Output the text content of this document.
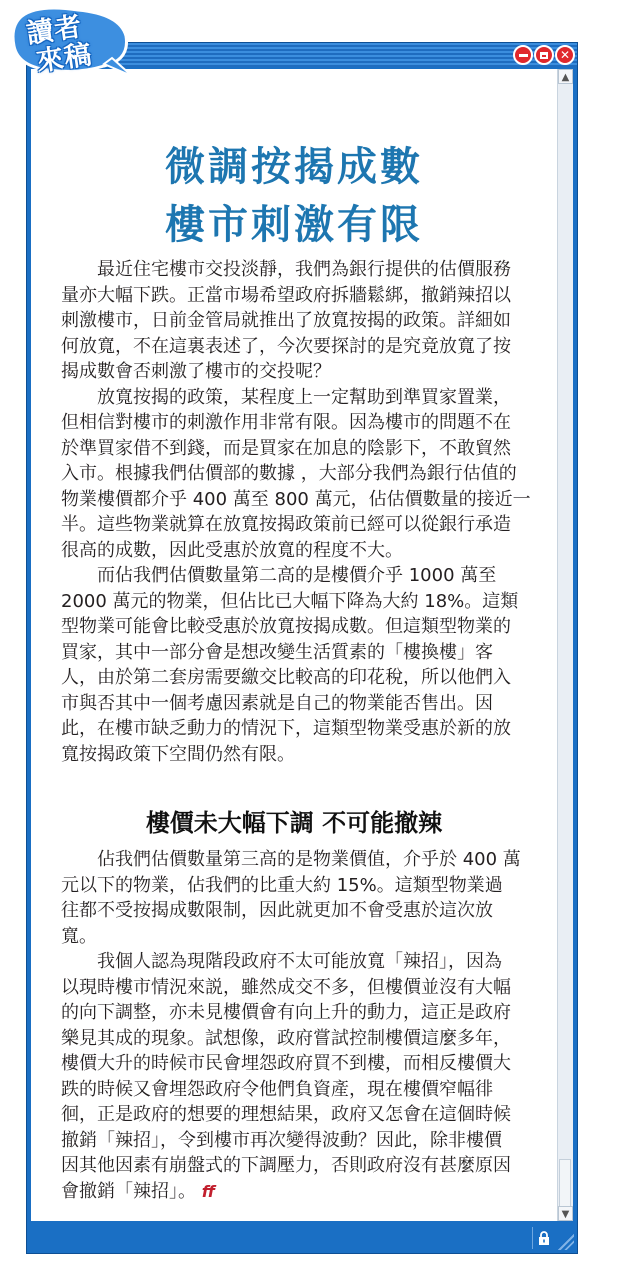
✕
微調按揭成數
樓市刺激有限
　　最近住宅樓市交投淡靜，我們為銀行提供的估價服務
量亦大幅下跌。正當市場希望政府拆牆鬆綁，撤銷辣招以
刺激樓市，日前金管局就推出了放寬按揭的政策。詳細如
何放寬，不在這裏表述了，今次要探討的是究竟放寬了按
揭成數會否刺激了樓市的交投呢？
　　放寬按揭的政策，某程度上一定幫助到準買家置業，
但相信對樓市的刺激作用非常有限。因為樓市的問題不在
於準買家借不到錢，而是買家在加息的陰影下，不敢貿然
入市。根據我們估價部的數據 ，大部分我們為銀行估值的
物業樓價都介乎 400 萬至 800 萬元，佔估價數量的接近一
半。這些物業就算在放寬按揭政策前已經可以從銀行承造
很高的成數，因此受惠於放寬的程度不大。
　　而佔我們估價數量第二高的是樓價介乎 1000 萬至
2000 萬元的物業，但佔比已大幅下降為大約 18%。這類
型物業可能會比較受惠於放寬按揭成數。但這類型物業的
買家，其中一部分會是想改變生活質素的「樓換樓」客
人，由於第二套房需要繳交比較高的印花稅，所以他們入
市與否其中一個考慮因素就是自己的物業能否售出。因
此，在樓市缺乏動力的情況下，這類型物業受惠於新的放
寬按揭政策下空間仍然有限。
樓價未大幅下調 不可能撤辣
　　佔我們估價數量第三高的是物業價值，介乎於 400 萬
元以下的物業，佔我們的比重大約 15%。這類型物業過
往都不受按揭成數限制，因此就更加不會受惠於這次放
寬。
　　我個人認為現階段政府不太可能放寬「辣招」，因為
以現時樓市情況來説，雖然成交不多，但樓價並沒有大幅
的向下調整，亦未見樓價會有向上升的動力，這正是政府
樂見其成的現象。試想像，政府嘗試控制樓價這麼多年，
樓價大升的時候市民會埋怨政府買不到樓，而相反樓價大
跌的時候又會埋怨政府令他們負資產，現在樓價窄幅徘
徊，正是政府的想要的理想結果，政府又怎會在這個時候
撤銷「辣招」，令到樓市再次變得波動？因此，除非樓價
因其他因素有崩盤式的下調壓力，否則政府沒有甚麼原因
會撤銷「辣招」。 ff
▲
▼
讀者
來稿
